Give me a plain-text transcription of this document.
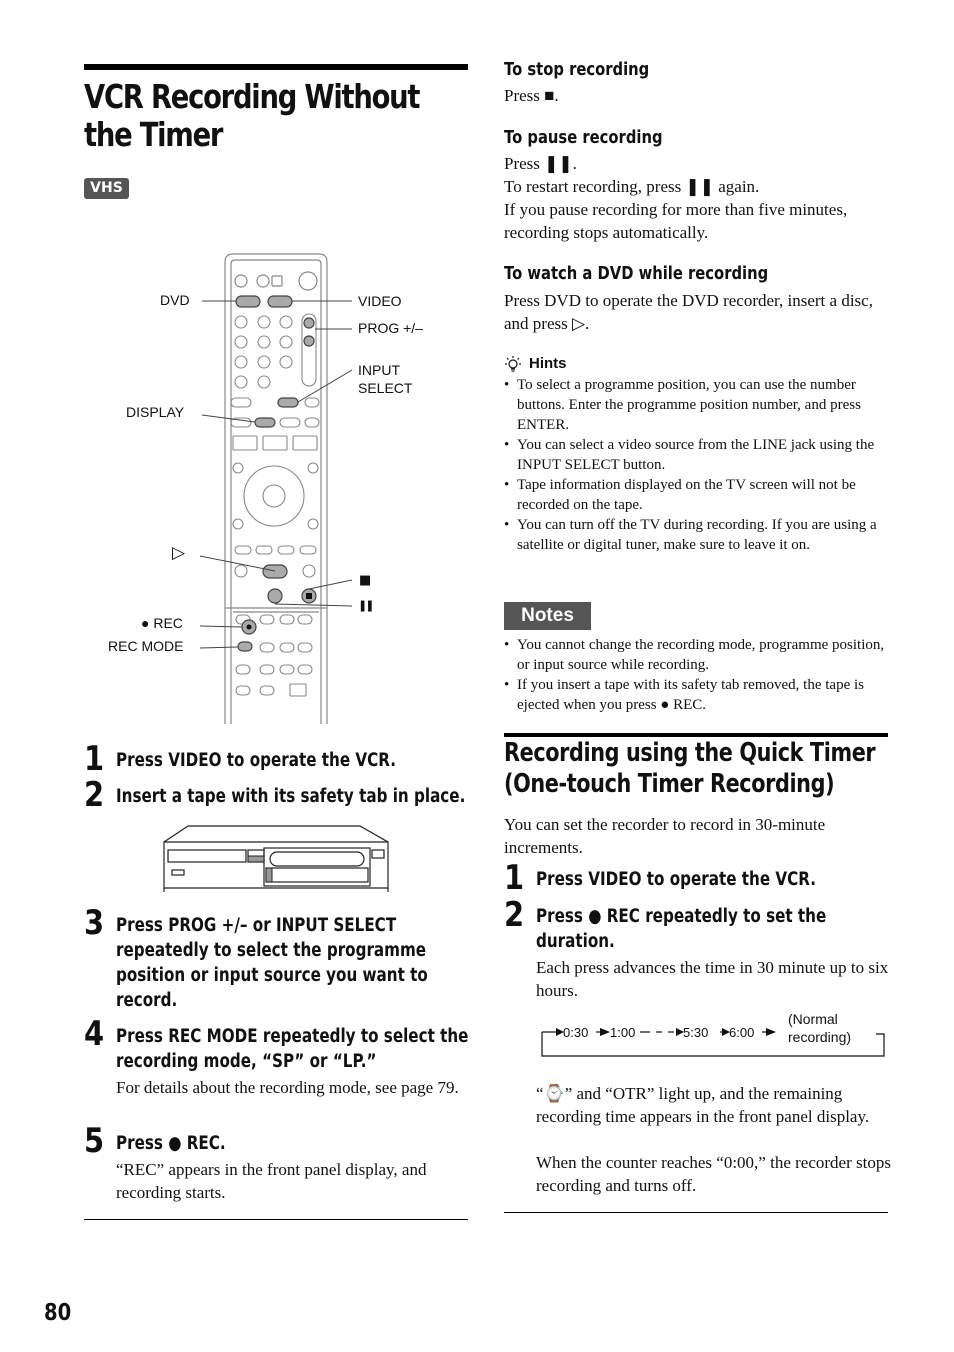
VCR Recording Without the Timer
VHS
DVD	VIDEO
PROG +/–
INPUT
SELECT
DISPLAY
▷
■
❚❚
● REC
REC MODE
1 Press VIDEO to operate the VCR.
2 Insert a tape with its safety tab in place.
3 Press PROG +/– or INPUT SELECT repeatedly to select the programme position or input source you want to record.
4 Press REC MODE repeatedly to select the recording mode, “SP” or “LP.”
For details about the recording mode, see page 79.
5 Press ● REC.
“REC” appears in the front panel display, and recording starts.
To stop recording
Press ■.
To pause recording
Press ❚❚.
To restart recording, press ❚❚ again.
If you pause recording for more than five minutes, recording stops automatically.
To watch a DVD while recording
Press DVD to operate the DVD recorder, insert a disc, and press ▷.
Hints
• To select a programme position, you can use the number buttons. Enter the programme position number, and press ENTER.
• You can select a video source from the LINE jack using the INPUT SELECT button.
• Tape information displayed on the TV screen will not be recorded on the tape.
• You can turn off the TV during recording. If you are using a satellite or digital tuner, make sure to leave it on.
Notes
• You cannot change the recording mode, programme position, or input source while recording.
• If you insert a tape with its safety tab removed, the tape is ejected when you press ● REC.
Recording using the Quick Timer (One-touch Timer Recording)
You can set the recorder to record in 30-minute increments.
1 Press VIDEO to operate the VCR.
2 Press ● REC repeatedly to set the duration.
Each press advances the time in 30 minute up to six hours.
0:30 1:00	5:30 6:00
(Normal
recording)
“⌚” and “OTR” light up, and the remaining recording time appears in the front panel display.
When the counter reaches “0:00,” the recorder stops recording and turns off.
80
